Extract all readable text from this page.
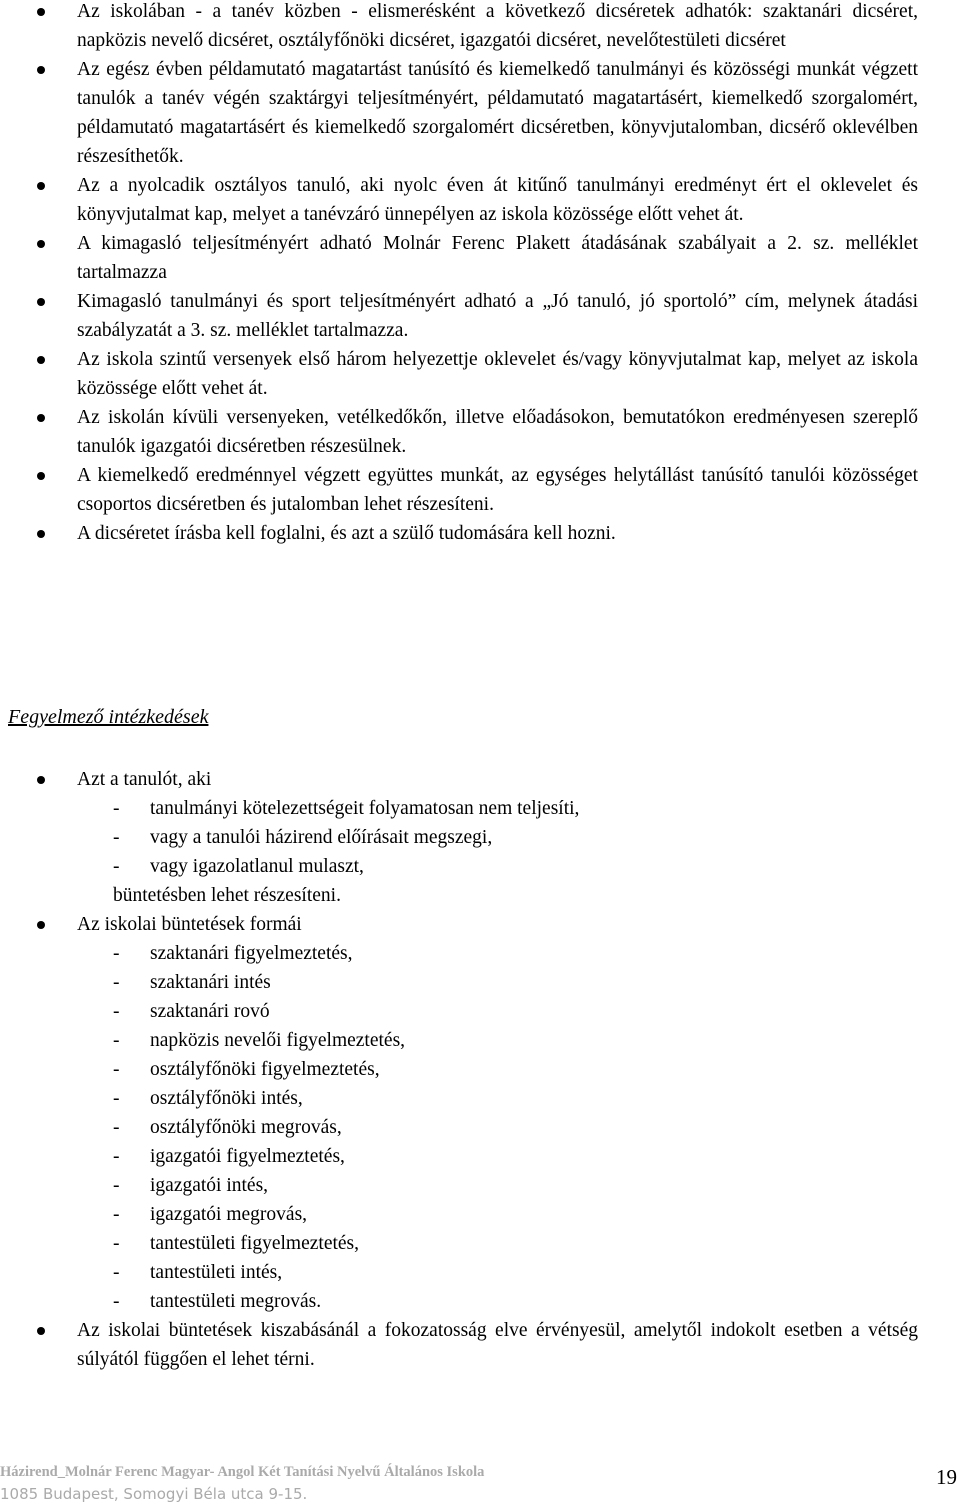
Az iskolában - a tanév közben - elismerésként a következő dicséretek adhatók: szaktanári dicséret, napközis nevelő dicséret, osztályfőnöki dicséret, igazgatói dicséret, nevelőtestületi dicséret
Az egész évben példamutató magatartást tanúsító és kiemelkedő tanulmányi és közösségi munkát végzett tanulók a tanév végén szaktárgyi teljesítményért, példamutató magatartásért, kiemelkedő szorgalomért, példamutató magatartásért és kiemelkedő szorgalomért dicséretben, könyvjutalomban, dicsérő oklevélben részesíthetők.
Az a nyolcadik osztályos tanuló, aki nyolc éven át kitűnő tanulmányi eredményt ért el oklevelet és könyvjutalmat kap, melyet a tanévzáró ünnepélyen az iskola közössége előtt vehet át.
A kimagasló teljesítményért adható Molnár Ferenc Plakett átadásának szabályait a 2. sz. melléklet tartalmazza
Kimagasló tanulmányi és sport teljesítményért adható a „Jó tanuló, jó sportoló” cím, melynek átadási szabályzatát a 3. sz. melléklet tartalmazza.
Az iskola szintű versenyek első három helyezettje oklevelet és/vagy könyvjutalmat kap, melyet az iskola közössége előtt vehet át.
Az iskolán kívüli versenyeken, vetélkedőkőn, illetve előadásokon, bemutatókon eredményesen szereplő tanulók igazgatói dicséretben részesülnek.
A kiemelkedő eredménnyel végzett együttes munkát, az egységes helytállást tanúsító tanulói közösséget csoportos dicséretben és jutalomban lehet részesíteni.
A dicséretet írásba kell foglalni, és azt a szülő tudomására kell hozni.
Fegyelmező intézkedések
Azt a tanulót, aki
- tanulmányi kötelezettségeit folyamatosan nem teljesíti,
- vagy a tanulói házirend előírásait megszegi,
- vagy igazolatlanul mulaszt,
büntetésben lehet részesíteni.
Az iskolai büntetések formái
- szaktanári figyelmeztetés,
- szaktanári intés
- szaktanári rovó
- napközis nevelői figyelmeztetés,
- osztályfőnöki figyelmeztetés,
- osztályfőnöki intés,
- osztályfőnöki megrovás,
- igazgatói figyelmeztetés,
- igazgatói intés,
- igazgatói megrovás,
- tantestületi figyelmeztetés,
- tantestületi intés,
- tantestületi megrovás.
Az iskolai büntetések kiszabásánál a fokozatosság elve érvényesül, amelytől indokolt esetben a vétség súlyától függően el lehet térni.
Házirend_Molnár Ferenc Magyar- Angol Két Tanítási Nyelvű Általános Iskola
1085 Budapest, Somogyi Béla utca 9-15.
19
